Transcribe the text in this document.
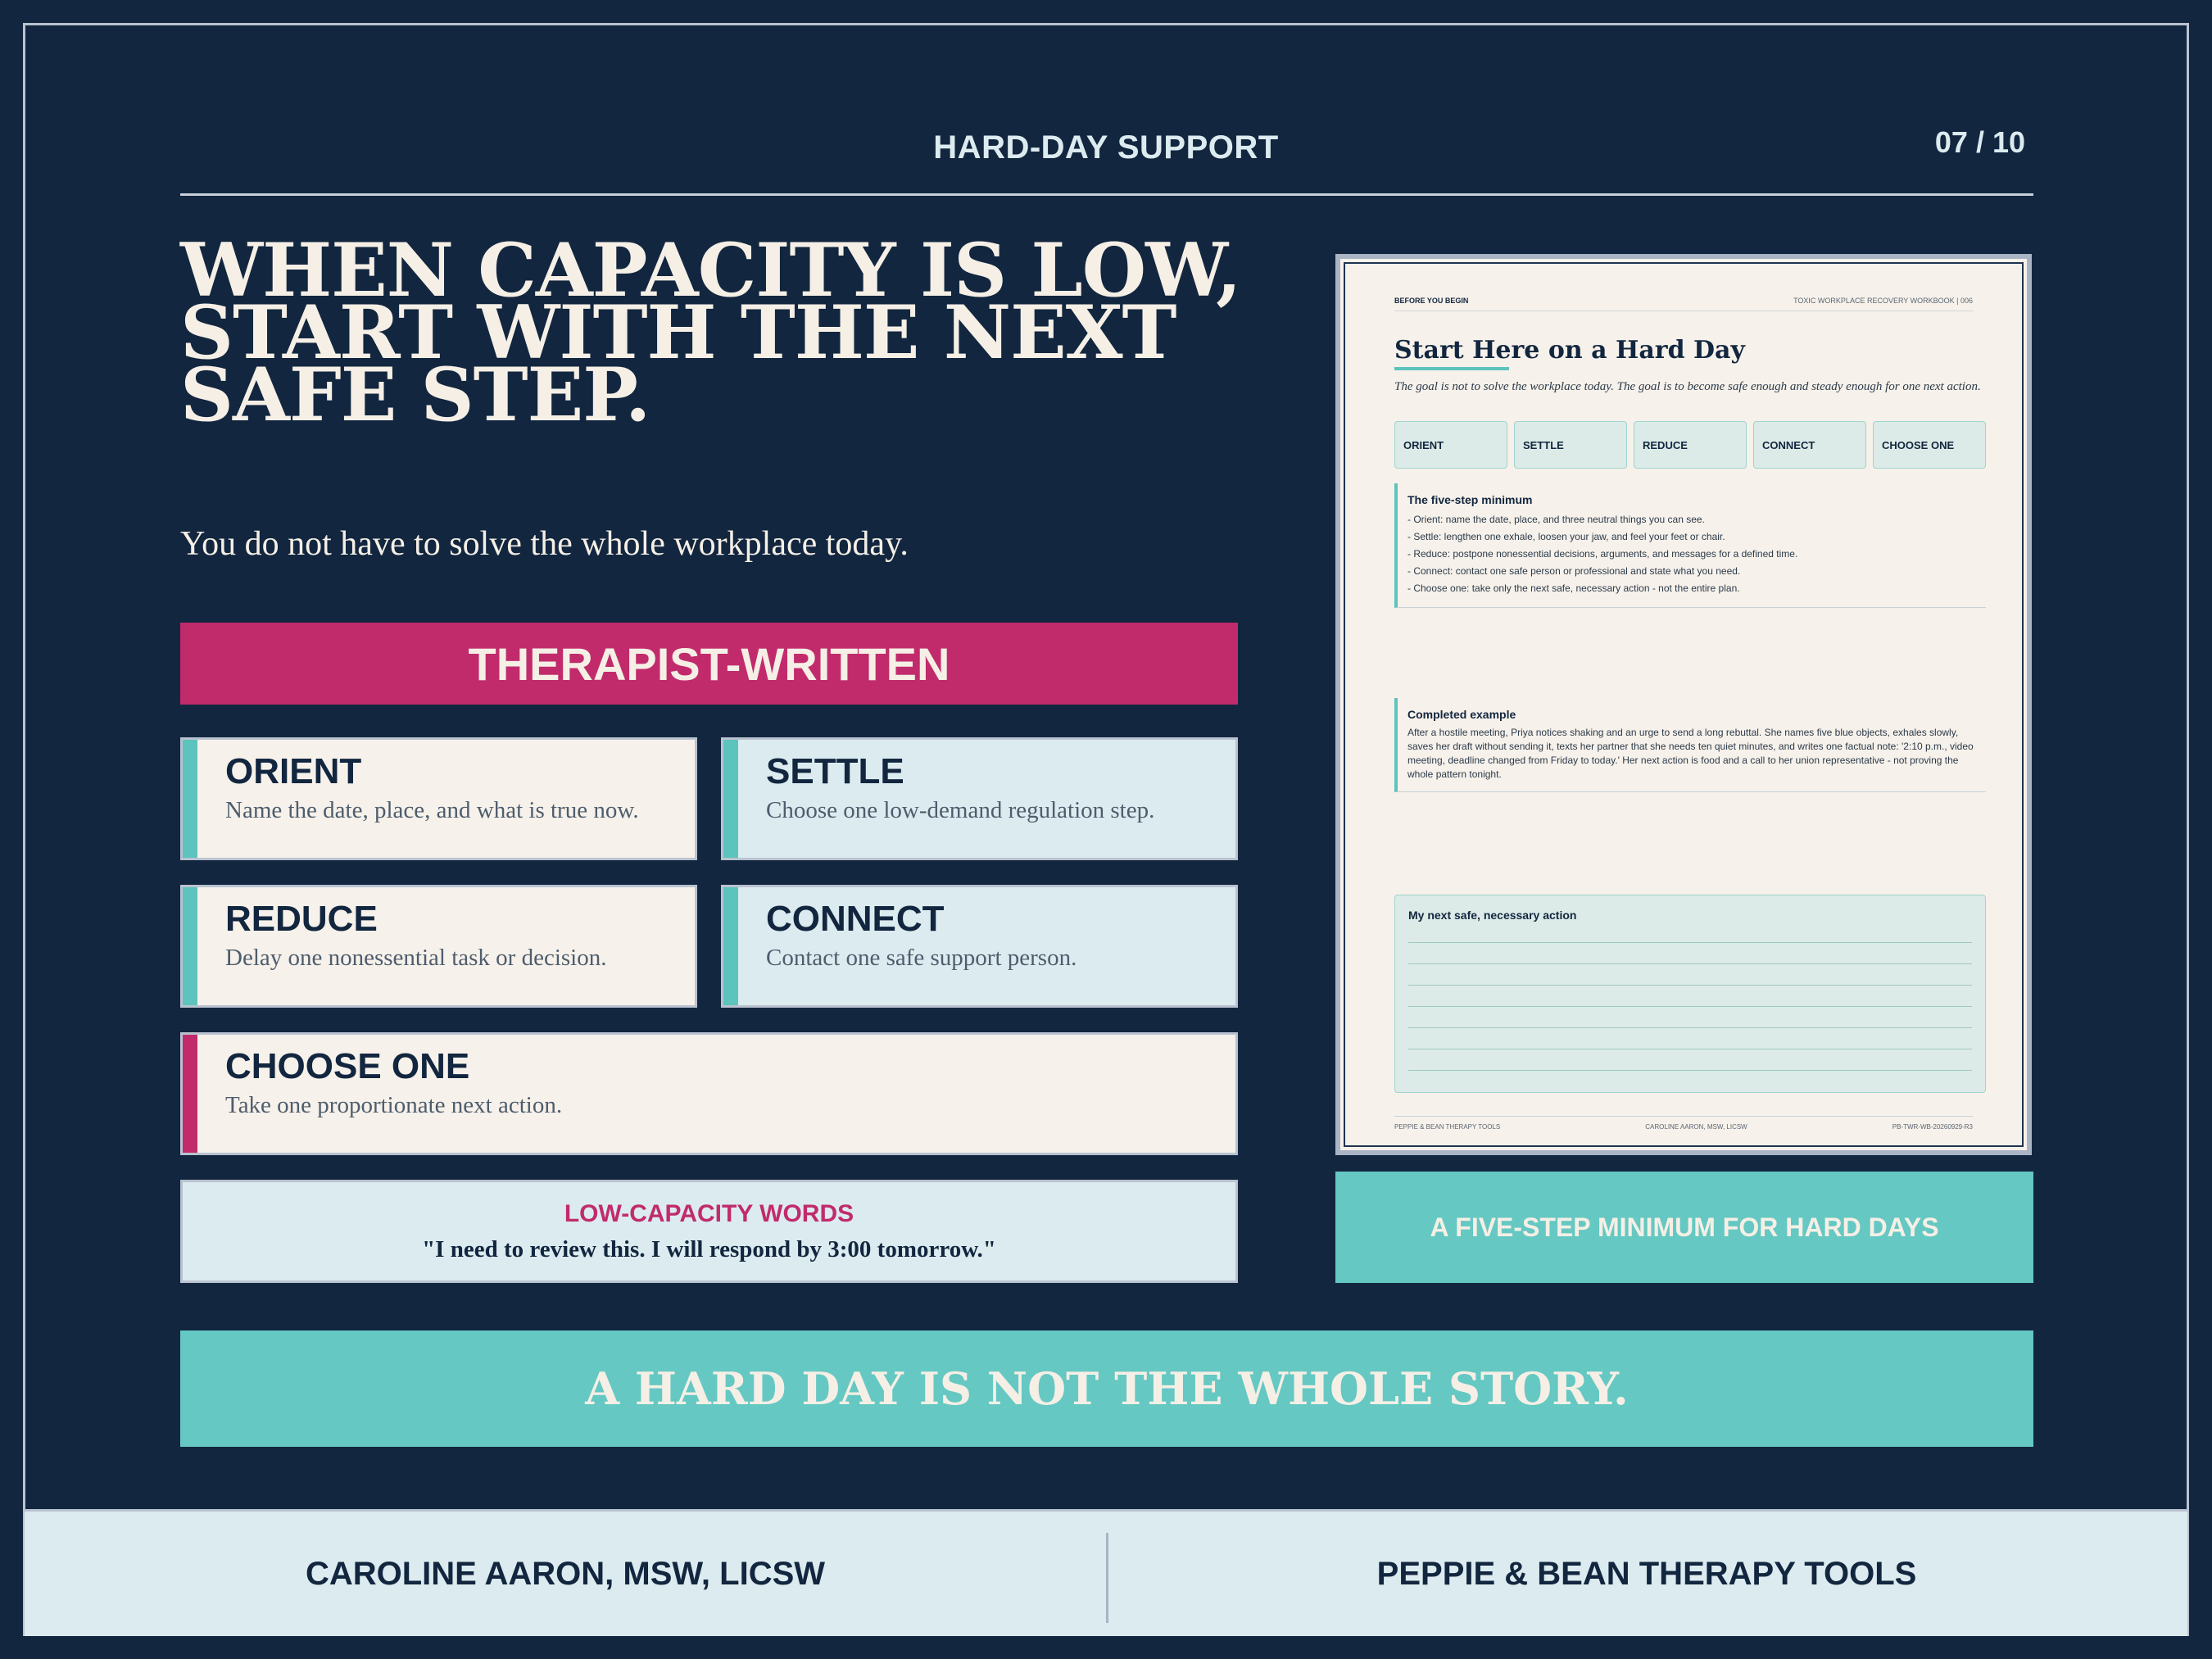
HARD-DAY SUPPORT	07 / 10
WHEN CAPACITY IS LOW,
START WITH THE NEXT
SAFE STEP.
You do not have to solve the whole workplace today.
THERAPIST-WRITTEN
ORIENT
Name the date, place, and what is true now.
SETTLE
Choose one low-demand regulation step.
REDUCE
Delay one nonessential task or decision.
CONNECT
Contact one safe support person.
CHOOSE ONE
Take one proportionate next action.
LOW-CAPACITY WORDS
"I need to review this. I will respond by 3:00 tomorrow."
BEFORE YOU BEGIN	TOXIC WORKPLACE RECOVERY WORKBOOK | 006
Start Here on a Hard Day
The goal is not to solve the workplace today. The goal is to become safe enough and steady enough for one next action.
ORIENT	SETTLE	REDUCE	CONNECT	CHOOSE ONE
The five-step minimum
- Orient: name the date, place, and three neutral things you can see.
- Settle: lengthen one exhale, loosen your jaw, and feel your feet or chair.
- Reduce: postpone nonessential decisions, arguments, and messages for a defined time.
- Connect: contact one safe person or professional and state what you need.
- Choose one: take only the next safe, necessary action - not the entire plan.
Completed example
After a hostile meeting, Priya notices shaking and an urge to send a long rebuttal. She names five blue objects, exhales slowly, saves her draft without sending it, texts her partner that she needs ten quiet minutes, and writes one factual note: '2:10 p.m., video meeting, deadline changed from Friday to today.' Her next action is food and a call to her union representative - not proving the whole pattern tonight.
My next safe, necessary action
PEPPIE & BEAN THERAPY TOOLS	CAROLINE AARON, MSW, LICSW	PB-TWR-WB-20260929-R3
A FIVE-STEP MINIMUM FOR HARD DAYS
A HARD DAY IS NOT THE WHOLE STORY.
CAROLINE AARON, MSW, LICSW	PEPPIE & BEAN THERAPY TOOLS
